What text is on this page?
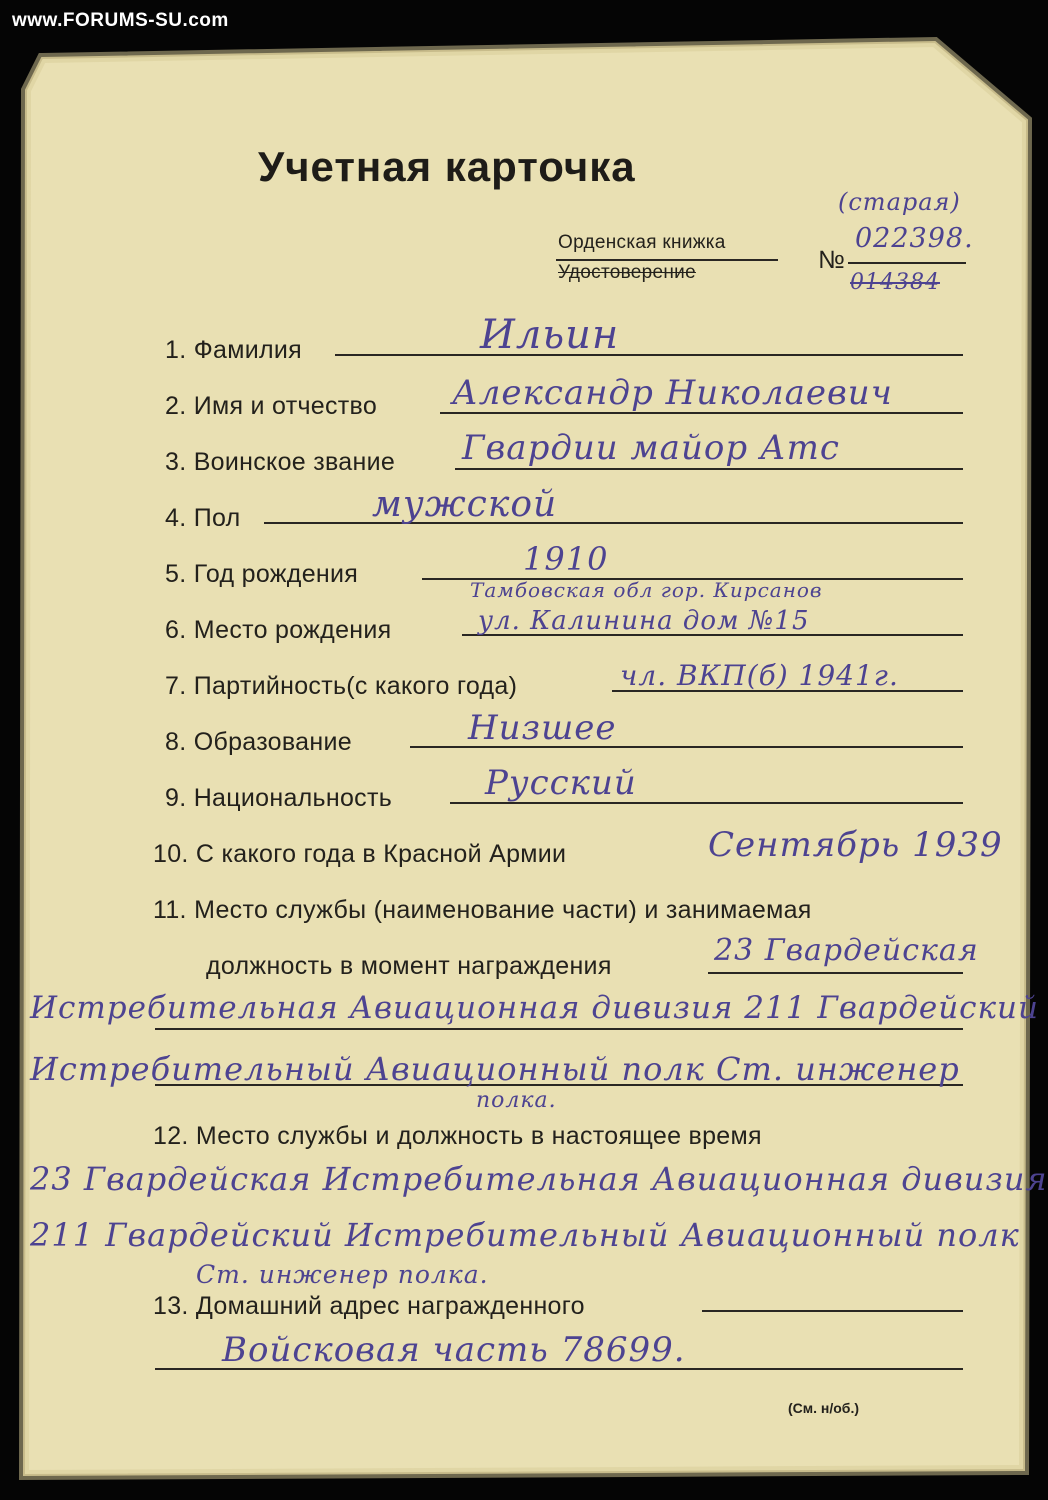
www.FORUMS-SU.com
Учетная карточка
Орденская книжка
Удостоверение	№
(старая)
022398.
014384
1. Фамилия	Ильин
2. Имя и отчество Александр Николаевич
3. Воинское звание Гвардии майор Атс
4. Пол	мужской
5. Год рождения	1910
Тамбовская обл гор. Кирсанов
6. Место рождения	ул. Калинина дом №15
7. Партийность(с какого года)	чл. ВКП(б) 1941г.
8. Образование	Низшее
9. Национальность	Русский
10. С какого года в Красной Армии	Сентябрь 1939
11. Место службы (наименование части) и занимаемая
должность в момент награждения	23 Гвардейская
Истребительная Авиационная дивизия 211 Гвардейский
Истребительный Авиационный полк Ст. инженер
полка.
12. Место службы и должность в настоящее время
23 Гвардейская Истребительная Авиационная дивизия
211 Гвардейский Истребительный Авиационный полк
Ст. инженер полка.
13. Домашний адрес награжденного
Войсковая часть 78699.
(См. н/об.)
